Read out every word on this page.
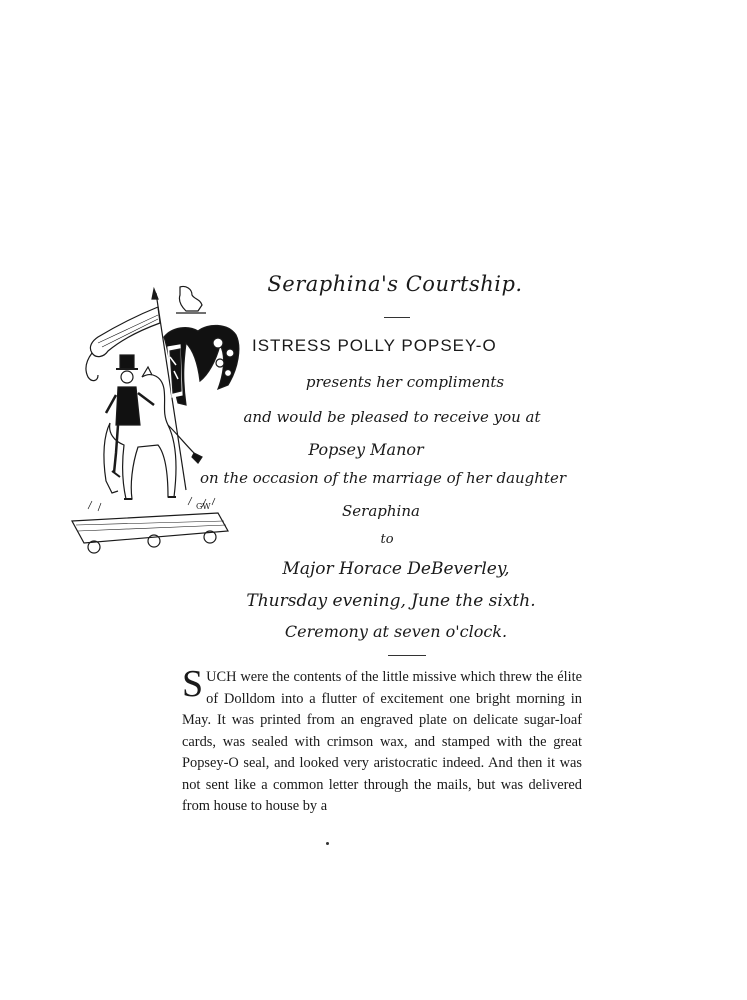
Seraphina's Courtship.
GW
ISTRESS POLLY POPSEY-O
presents her compliments
and would be pleased to receive you at
Popsey Manor
on the occasion of the marriage of her daughter
Seraphina
to
Major Horace DeBeverley,
Thursday evening, June the sixth.
Ceremony at seven o'clock.
SUCH were the contents of the little missive which threw the élite of Dolldom into a flutter of excitement one bright morning in May. It was printed from an engraved plate on delicate sugar-loaf cards, was sealed with crimson wax, and stamped with the great Popsey-O seal, and looked very aristocratic indeed. And then it was not sent like a common letter through the mails, but was delivered from house to house by a
